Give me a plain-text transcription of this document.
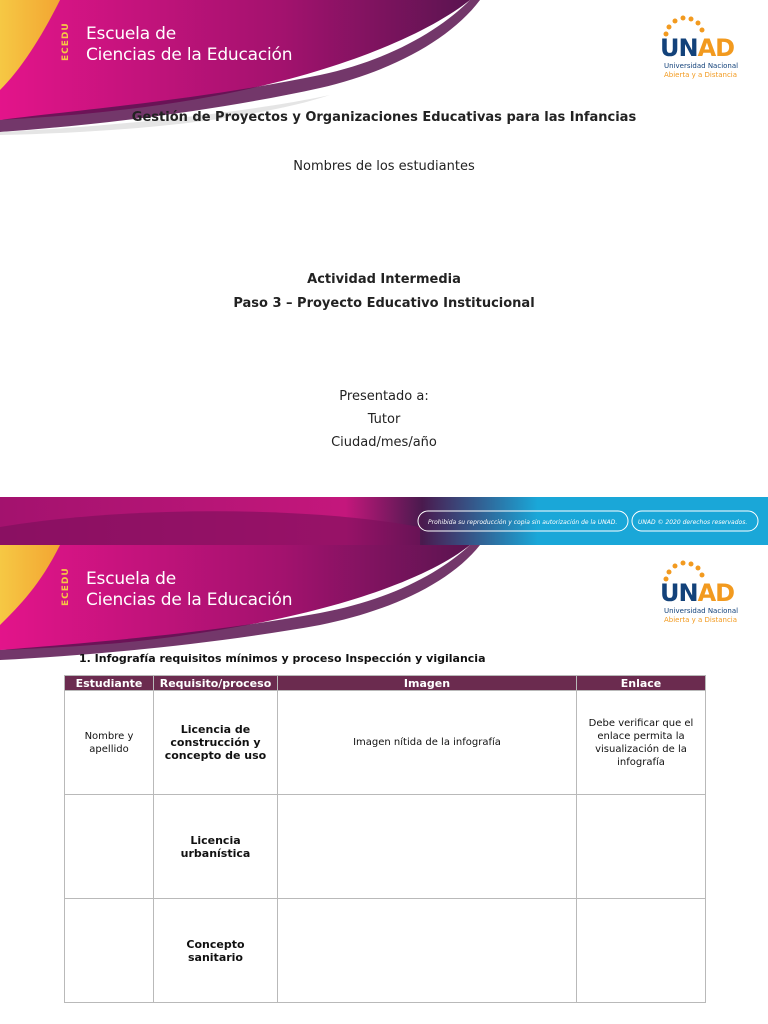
ECEDU Escuela de
Ciencias de la Educación	UNAD
Universidad Nacional
Abierta y a Distancia
Gestión de Proyectos y Organizaciones Educativas para las Infancias
Nombres de los estudiantes
Actividad Intermedia
Paso 3 – Proyecto Educativo Institucional
Presentado a:
Tutor
Ciudad/mes/año
Prohibida su reproducción y copia sin autorización de la UNAD.	UNAD © 2020 derechos reservados.
ECEDU Escuela de
Ciencias de la Educación	UNAD
Universidad Nacional
Abierta y a Distancia
1. Infografía requisitos mínimos y proceso Inspección y vigilancia
Estudiante	Requisito/proceso	Imagen	Enlace
Nombre y apellido	Licencia de construcción y concepto de uso	Imagen nítida de la infografía	Debe verificar que el enlace permita la visualización de la infografía
	Licencia urbanística		
	Concepto sanitario		
